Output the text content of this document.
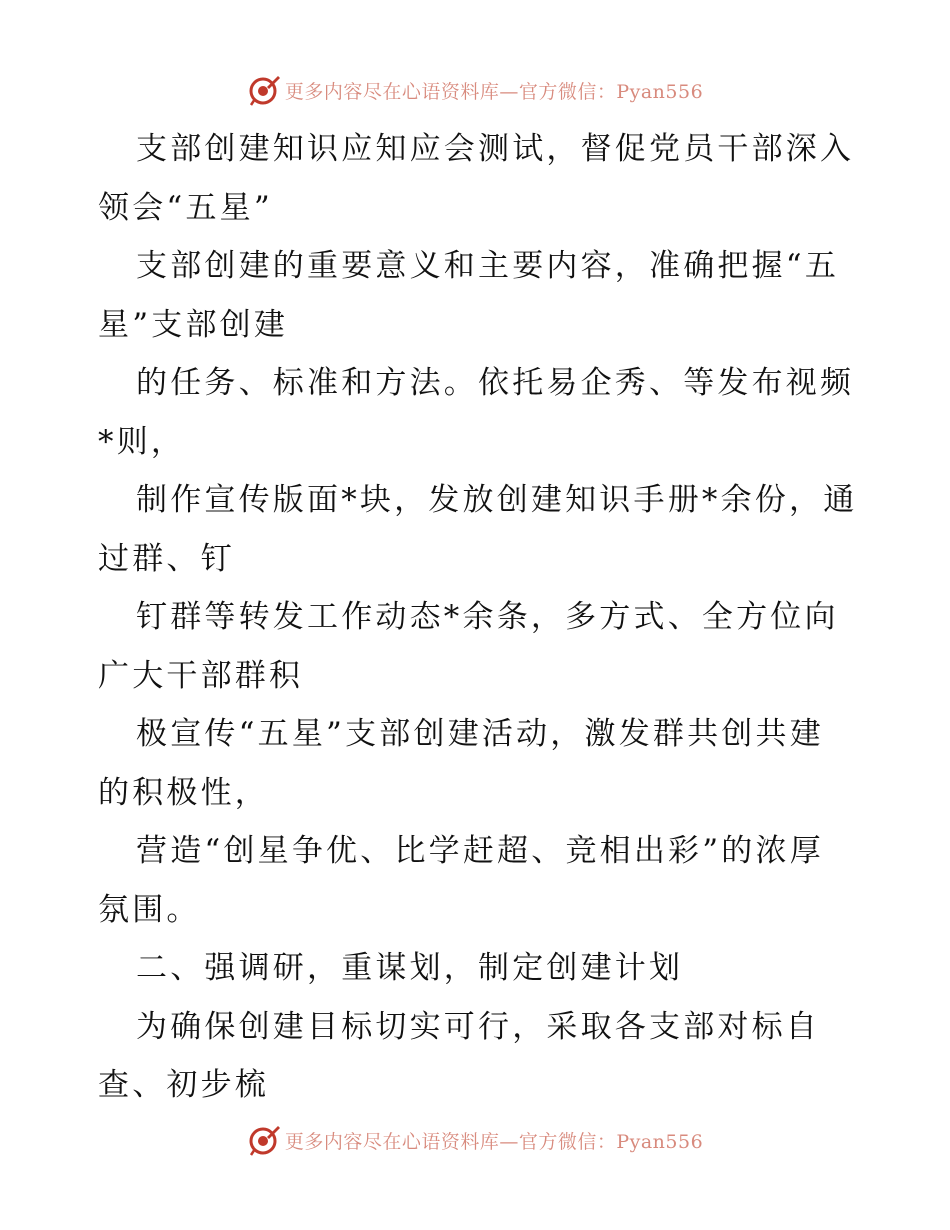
更多内容尽在心语资料库—官方微信：Pyan556
支部创建知识应知应会测试，督促党员干部深入
领会“五星”
支部创建的重要意义和主要内容，准确把握“五
星”支部创建
的任务、标准和方法。依托易企秀、等发布视频
*则，
制作宣传版面*块，发放创建知识手册*余份，通
过群、钉
钉群等转发工作动态*余条，多方式、全方位向
广大干部群积
极宣传“五星”支部创建活动，激发群共创共建
的积极性，
营造“创星争优、比学赶超、竞相出彩”的浓厚
氛围。
二、强调研，重谋划，制定创建计划
为确保创建目标切实可行，采取各支部对标自
查、初步梳
更多内容尽在心语资料库—官方微信：Pyan556
